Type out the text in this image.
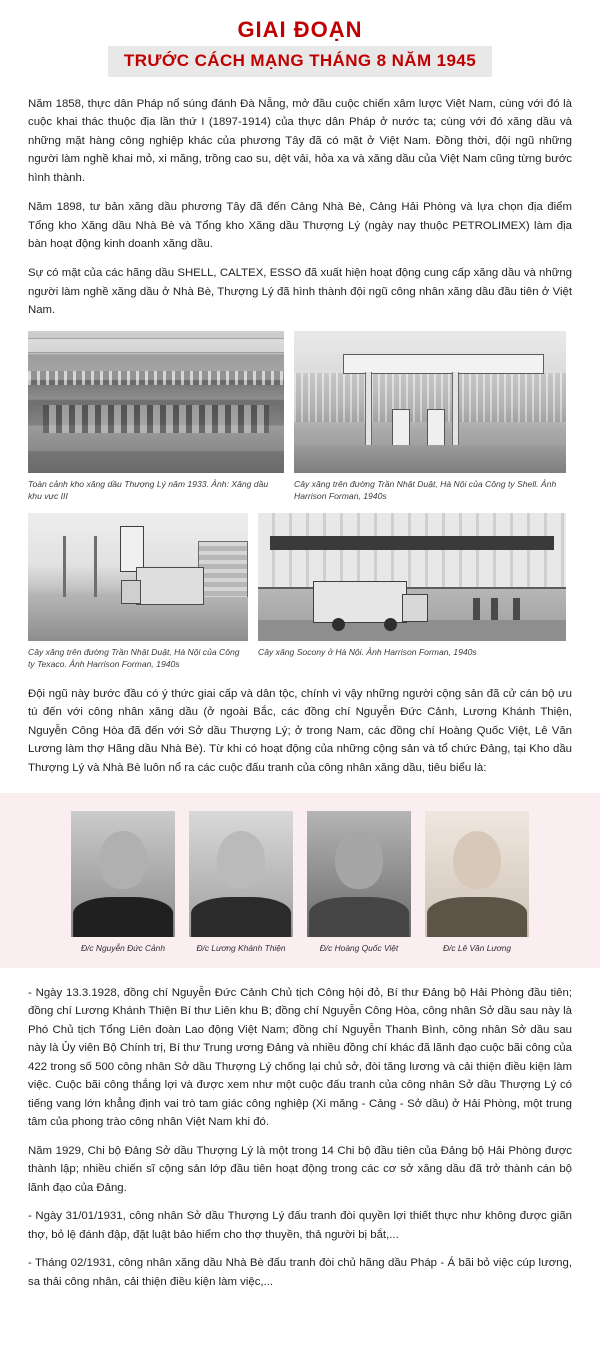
GIAI ĐOẠN
TRƯỚC CÁCH MẠNG THÁNG 8 NĂM 1945

Năm 1858, thực dân Pháp nổ súng đánh Đà Nẵng, mở đầu cuộc chiến xâm lược Việt Nam, cùng với đó là cuộc khai thác thuộc địa lần thứ I (1897-1914) của thực dân Pháp ở nước ta; cùng với đó xăng dầu và những mặt hàng công nghiệp khác của phương Tây đã có mặt ở Việt Nam. Đồng thời, đội ngũ những người làm nghề khai mỏ, xi măng, trồng cao su, dệt vải, hỏa xa và xăng dầu của Việt Nam cũng từng bước hình thành.

Năm 1898, tư bản xăng dầu phương Tây đã đến Cảng Nhà Bè, Cảng Hải Phòng và lựa chọn địa điểm Tổng kho Xăng dầu Nhà Bè và Tổng kho Xăng dầu Thượng Lý (ngày nay thuộc PETROLIMEX) làm địa bàn hoạt động kinh doanh xăng dầu.

Sự có mặt của các hãng dầu SHELL, CALTEX, ESSO đã xuất hiện hoạt động cung cấp xăng dầu và những người làm nghề xăng dầu ở Nhà Bè, Thượng Lý đã hình thành đội ngũ công nhân xăng dầu đầu tiên ở Việt Nam.

Toàn cảnh kho xăng dầu Thượng Lý năm 1933. Ảnh: Xăng dầu khu vực III
Cây xăng trên đường Trần Nhật Duật, Hà Nội của Công ty Shell. Ảnh Harrison Forman, 1940s
Cây xăng trên đường Trần Nhật Duật, Hà Nội của Công ty Texaco. Ảnh Harrison Forman, 1940s
Cây xăng Socony ở Hà Nội. Ảnh Harrison Forman, 1940s

Đội ngũ này bước đầu có ý thức giai cấp và dân tộc, chính vì vậy những người cộng sản đã cử cán bộ ưu tú đến với công nhân xăng dầu (ở ngoài Bắc, các đồng chí Nguyễn Đức Cảnh, Lương Khánh Thiện, Nguyễn Công Hòa đã đến với Sở dầu Thượng Lý; ở trong Nam, các đồng chí Hoàng Quốc Việt, Lê Văn Lương làm thợ Hãng dầu Nhà Bè). Từ khi có hoạt động của những cộng sản và tổ chức Đảng, tại Kho dầu Thượng Lý và Nhà Bè luôn nổ ra các cuộc đấu tranh của công nhân xăng dầu, tiêu biểu là:

Đ/c Nguyễn Đức Cảnh	Đ/c Lương Khánh Thiện	Đ/c Hoàng Quốc Việt	Đ/c Lê Văn Lương

- Ngày 13.3.1928, đồng chí Nguyễn Đức Cảnh Chủ tịch Công hội đỏ, Bí thư Đảng bộ Hải Phòng đầu tiên; đồng chí Lương Khánh Thiện Bí thư Liên khu B; đồng chí Nguyễn Công Hòa, công nhân Sở dầu sau này là Phó Chủ tịch Tổng Liên đoàn Lao động Việt Nam; đồng chí Nguyễn Thanh Bình, công nhân Sở dầu sau này là Ủy viên Bộ Chính trị, Bí thư Trung ương Đảng và nhiều đồng chí khác đã lãnh đạo cuộc bãi công của 422 trong số 500 công nhân Sở dầu Thượng Lý chống lại chủ sở, đòi tăng lương và cải thiện điều kiện làm việc. Cuộc bãi công thắng lợi và được xem như một cuộc đấu tranh của công nhân Sở dầu Thượng Lý có tiếng vang lớn khẳng định vai trò tam giác công nghiệp (Xi măng - Cảng - Sở dầu) ở Hải Phòng, một trung tâm của phong trào công nhân Việt Nam khi đó.

Năm 1929, Chi bộ Đảng Sở dầu Thượng Lý là một trong 14 Chi bộ đầu tiên của Đảng bộ Hải Phòng được thành lập; nhiều chiến sĩ cộng sản lớp đầu tiên hoạt động trong các cơ sở xăng dầu đã trở thành cán bộ lãnh đạo của Đảng.

- Ngày 31/01/1931, công nhân Sở dầu Thượng Lý đấu tranh đòi quyền lợi thiết thực như không được giãn thợ, bỏ lệ đánh đập, đặt luật bảo hiểm cho thợ thuyền, thả người bị bắt,...

- Tháng 02/1931, công nhân xăng dầu Nhà Bè đấu tranh đòi chủ hãng dầu Pháp - Á bãi bỏ việc cúp lương, sa thải công nhân, cải thiện điều kiện làm việc,...
